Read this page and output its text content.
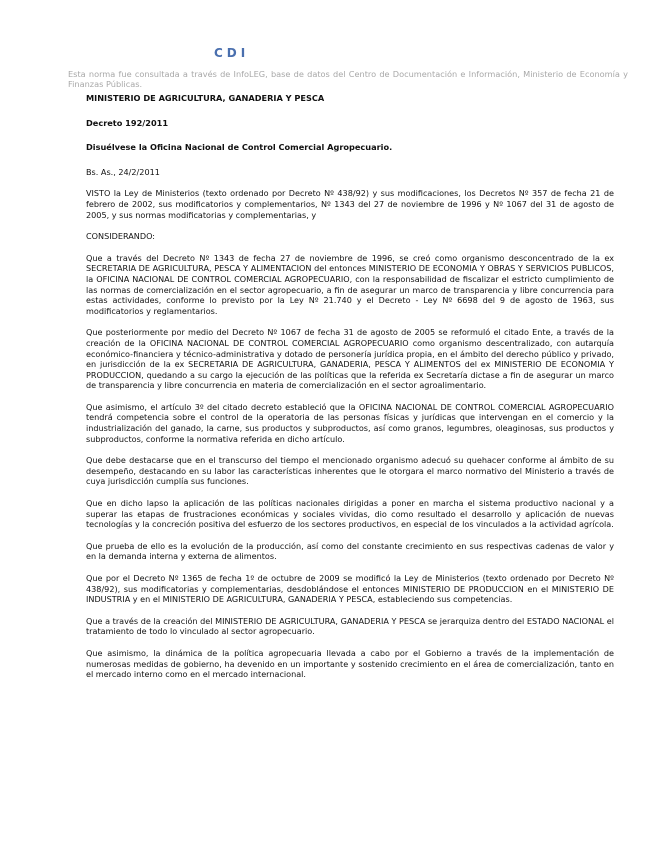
CDI
Esta norma fue consultada a través de InfoLEG, base de datos del Centro de Documentación e Información, Ministerio de Economía y Finanzas Públicas.

MINISTERIO DE AGRICULTURA, GANADERIA Y PESCA

Decreto 192/2011

Disuélvese la Oficina Nacional de Control Comercial Agropecuario.

Bs. As., 24/2/2011

VISTO la Ley de Ministerios (texto ordenado por Decreto Nº 438/92) y sus modificaciones, los Decretos Nº 357 de fecha 21 de febrero de 2002, sus modificatorios y complementarios, Nº 1343 del 27 de noviembre de 1996 y Nº 1067 del 31 de agosto de 2005, y sus normas modificatorias y complementarias, y

CONSIDERANDO:

Que a través del Decreto Nº 1343 de fecha 27 de noviembre de 1996, se creó como organismo desconcentrado de la ex SECRETARIA DE AGRICULTURA, PESCA Y ALIMENTACION del entonces MINISTERIO DE ECONOMIA Y OBRAS Y SERVICIOS PUBLICOS, la OFICINA NACIONAL DE CONTROL COMERCIAL AGROPECUARIO, con la responsabilidad de fiscalizar el estricto cumplimiento de las normas de comercialización en el sector agropecuario, a fin de asegurar un marco de transparencia y libre concurrencia para estas actividades, conforme lo previsto por la Ley Nº 21.740 y el Decreto - Ley Nº 6698 del 9 de agosto de 1963, sus modificatorios y reglamentarios.

Que posteriormente por medio del Decreto Nº 1067 de fecha 31 de agosto de 2005 se reformuló el citado Ente, a través de la creación de la OFICINA NACIONAL DE CONTROL COMERCIAL AGROPECUARIO como organismo descentralizado, con autarquía económico-financiera y técnico-administrativa y dotado de personería jurídica propia, en el ámbito del derecho público y privado, en jurisdicción de la ex SECRETARIA DE AGRICULTURA, GANADERIA, PESCA Y ALIMENTOS del ex MINISTERIO DE ECONOMIA Y PRODUCCION, quedando a su cargo la ejecución de las políticas que la referida ex Secretaría dictase a fin de asegurar un marco de transparencia y libre concurrencia en materia de comercialización en el sector agroalimentario.

Que asimismo, el artículo 3º del citado decreto estableció que la OFICINA NACIONAL DE CONTROL COMERCIAL AGROPECUARIO tendrá competencia sobre el control de la operatoria de las personas físicas y jurídicas que intervengan en el comercio y la industrialización del ganado, la carne, sus productos y subproductos, así como granos, legumbres, oleaginosas, sus productos y subproductos, conforme la normativa referida en dicho artículo.

Que debe destacarse que en el transcurso del tiempo el mencionado organismo adecuó su quehacer conforme al ámbito de su desempeño, destacando en su labor las características inherentes que le otorgara el marco normativo del Ministerio a través de cuya jurisdicción cumplía sus funciones.

Que en dicho lapso la aplicación de las políticas nacionales dirigidas a poner en marcha el sistema productivo nacional y a superar las etapas de frustraciones económicas y sociales vividas, dio como resultado el desarrollo y aplicación de nuevas tecnologías y la concreción positiva del esfuerzo de los sectores productivos, en especial de los vinculados a la actividad agrícola.

Que prueba de ello es la evolución de la producción, así como del constante crecimiento en sus respectivas cadenas de valor y en la demanda interna y externa de alimentos.

Que por el Decreto Nº 1365 de fecha 1º de octubre de 2009 se modificó la Ley de Ministerios (texto ordenado por Decreto Nº 438/92), sus modificatorias y complementarias, desdoblándose el entonces MINISTERIO DE PRODUCCION en el MINISTERIO DE INDUSTRIA y en el MINISTERIO DE AGRICULTURA, GANADERIA Y PESCA, estableciendo sus competencias.

Que a través de la creación del MINISTERIO DE AGRICULTURA, GANADERIA Y PESCA se jerarquiza dentro del ESTADO NACIONAL el tratamiento de todo lo vinculado al sector agropecuario.

Que asimismo, la dinámica de la política agropecuaria llevada a cabo por el Gobierno a través de la implementación de numerosas medidas de gobierno, ha devenido en un importante y sostenido crecimiento en el área de comercialización, tanto en el mercado interno como en el mercado internacional.
